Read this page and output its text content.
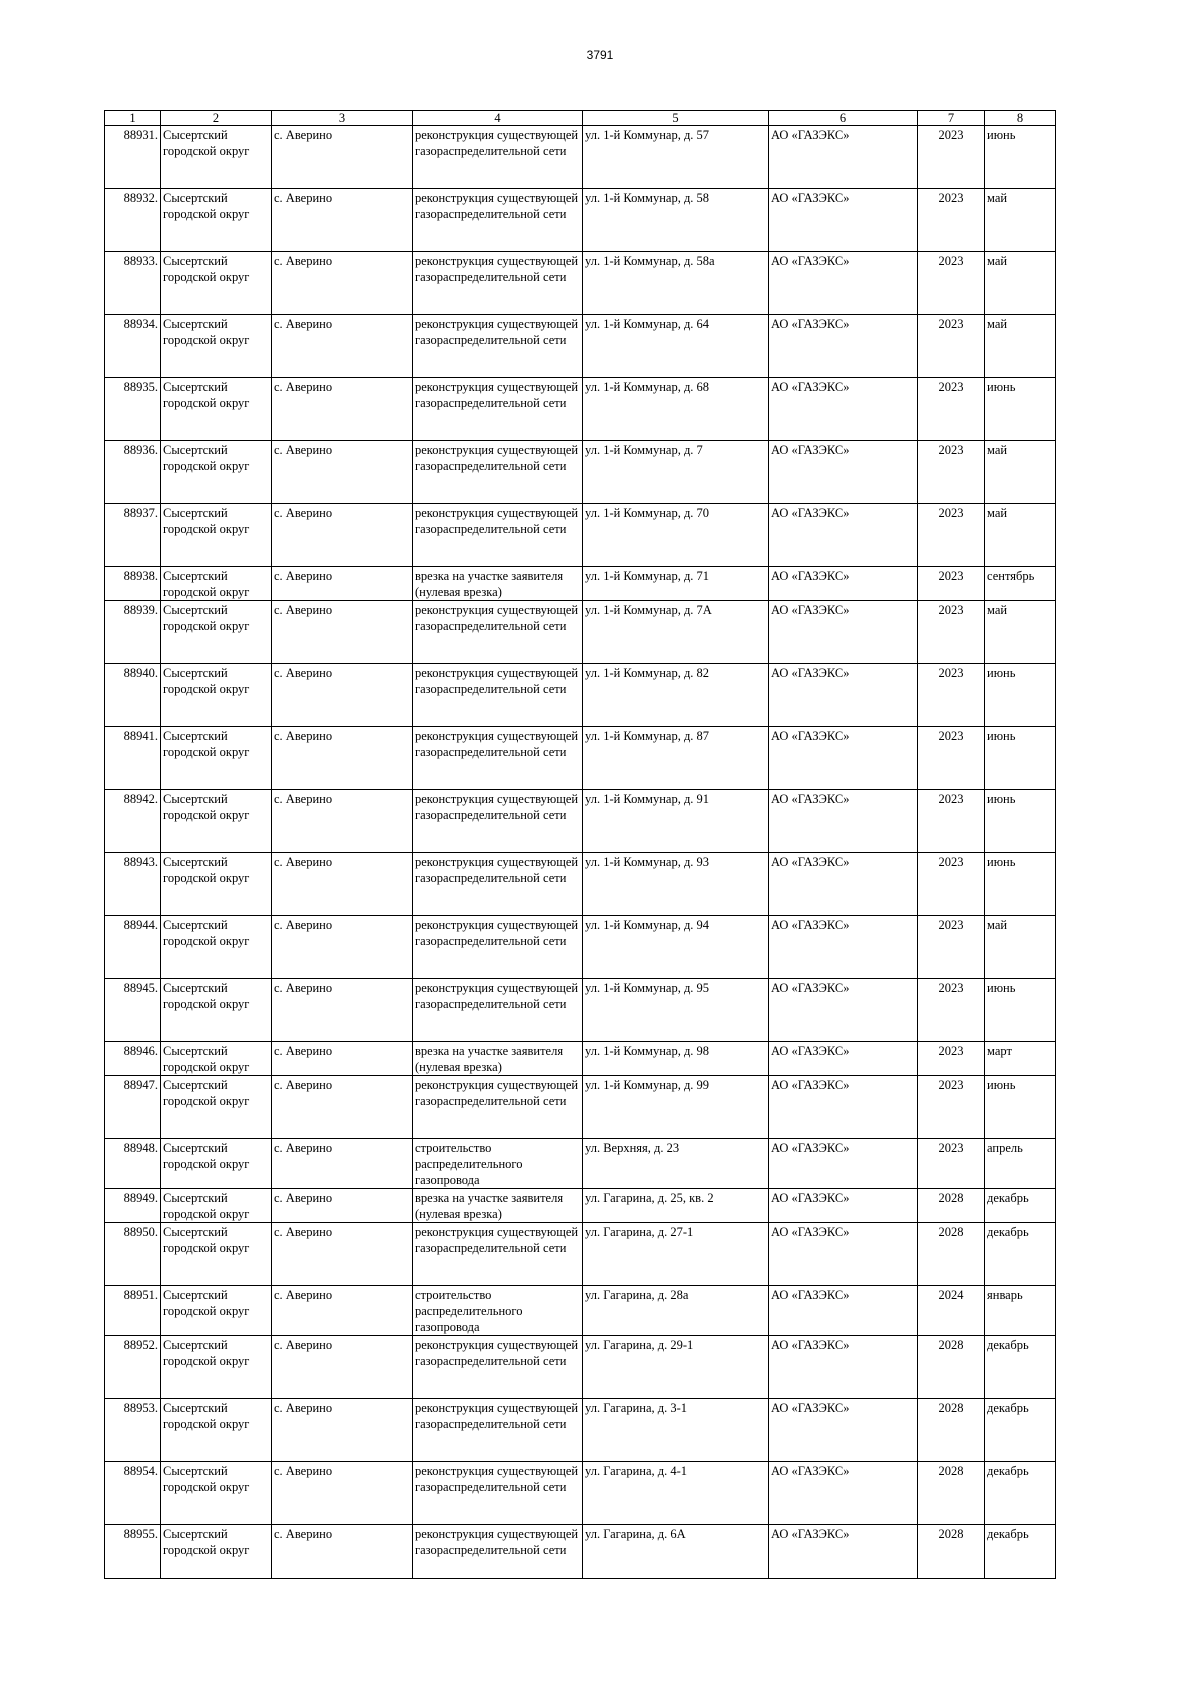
3791
1	2	3	4	5	6	7	8
88931.	Сысертский городской округ	с. Аверино	реконструкция существующей газораспределительной сети	ул. 1-й Коммунар, д. 57	АО «ГАЗЭКС»	2023	июнь
88932.	Сысертский городской округ	с. Аверино	реконструкция существующей газораспределительной сети	ул. 1-й Коммунар, д. 58	АО «ГАЗЭКС»	2023	май
88933.	Сысертский городской округ	с. Аверино	реконструкция существующей газораспределительной сети	ул. 1-й Коммунар, д. 58а	АО «ГАЗЭКС»	2023	май
88934.	Сысертский городской округ	с. Аверино	реконструкция существующей газораспределительной сети	ул. 1-й Коммунар, д. 64	АО «ГАЗЭКС»	2023	май
88935.	Сысертский городской округ	с. Аверино	реконструкция существующей газораспределительной сети	ул. 1-й Коммунар, д. 68	АО «ГАЗЭКС»	2023	июнь
88936.	Сысертский городской округ	с. Аверино	реконструкция существующей газораспределительной сети	ул. 1-й Коммунар, д. 7	АО «ГАЗЭКС»	2023	май
88937.	Сысертский городской округ	с. Аверино	реконструкция существующей газораспределительной сети	ул. 1-й Коммунар, д. 70	АО «ГАЗЭКС»	2023	май
88938.	Сысертский городской округ	с. Аверино	врезка на участке заявителя (нулевая врезка)	ул. 1-й Коммунар, д. 71	АО «ГАЗЭКС»	2023	сентябрь
88939.	Сысертский городской округ	с. Аверино	реконструкция существующей газораспределительной сети	ул. 1-й Коммунар, д. 7А	АО «ГАЗЭКС»	2023	май
88940.	Сысертский городской округ	с. Аверино	реконструкция существующей газораспределительной сети	ул. 1-й Коммунар, д. 82	АО «ГАЗЭКС»	2023	июнь
88941.	Сысертский городской округ	с. Аверино	реконструкция существующей газораспределительной сети	ул. 1-й Коммунар, д. 87	АО «ГАЗЭКС»	2023	июнь
88942.	Сысертский городской округ	с. Аверино	реконструкция существующей газораспределительной сети	ул. 1-й Коммунар, д. 91	АО «ГАЗЭКС»	2023	июнь
88943.	Сысертский городской округ	с. Аверино	реконструкция существующей газораспределительной сети	ул. 1-й Коммунар, д. 93	АО «ГАЗЭКС»	2023	июнь
88944.	Сысертский городской округ	с. Аверино	реконструкция существующей газораспределительной сети	ул. 1-й Коммунар, д. 94	АО «ГАЗЭКС»	2023	май
88945.	Сысертский городской округ	с. Аверино	реконструкция существующей газораспределительной сети	ул. 1-й Коммунар, д. 95	АО «ГАЗЭКС»	2023	июнь
88946.	Сысертский городской округ	с. Аверино	врезка на участке заявителя (нулевая врезка)	ул. 1-й Коммунар, д. 98	АО «ГАЗЭКС»	2023	март
88947.	Сысертский городской округ	с. Аверино	реконструкция существующей газораспределительной сети	ул. 1-й Коммунар, д. 99	АО «ГАЗЭКС»	2023	июнь
88948.	Сысертский городской округ	с. Аверино	строительство распределительного газопровода	ул. Верхняя, д. 23	АО «ГАЗЭКС»	2023	апрель
88949.	Сысертский городской округ	с. Аверино	врезка на участке заявителя (нулевая врезка)	ул. Гагарина, д. 25, кв. 2	АО «ГАЗЭКС»	2028	декабрь
88950.	Сысертский городской округ	с. Аверино	реконструкция существующей газораспределительной сети	ул. Гагарина, д. 27-1	АО «ГАЗЭКС»	2028	декабрь
88951.	Сысертский городской округ	с. Аверино	строительство распределительного газопровода	ул. Гагарина, д. 28а	АО «ГАЗЭКС»	2024	январь
88952.	Сысертский городской округ	с. Аверино	реконструкция существующей газораспределительной сети	ул. Гагарина, д. 29-1	АО «ГАЗЭКС»	2028	декабрь
88953.	Сысертский городской округ	с. Аверино	реконструкция существующей газораспределительной сети	ул. Гагарина, д. 3-1	АО «ГАЗЭКС»	2028	декабрь
88954.	Сысертский городской округ	с. Аверино	реконструкция существующей газораспределительной сети	ул. Гагарина, д. 4-1	АО «ГАЗЭКС»	2028	декабрь
88955.	Сысертский городской округ	с. Аверино	реконструкция существующей газораспределительной сети	ул. Гагарина, д. 6А	АО «ГАЗЭКС»	2028	декабрь
